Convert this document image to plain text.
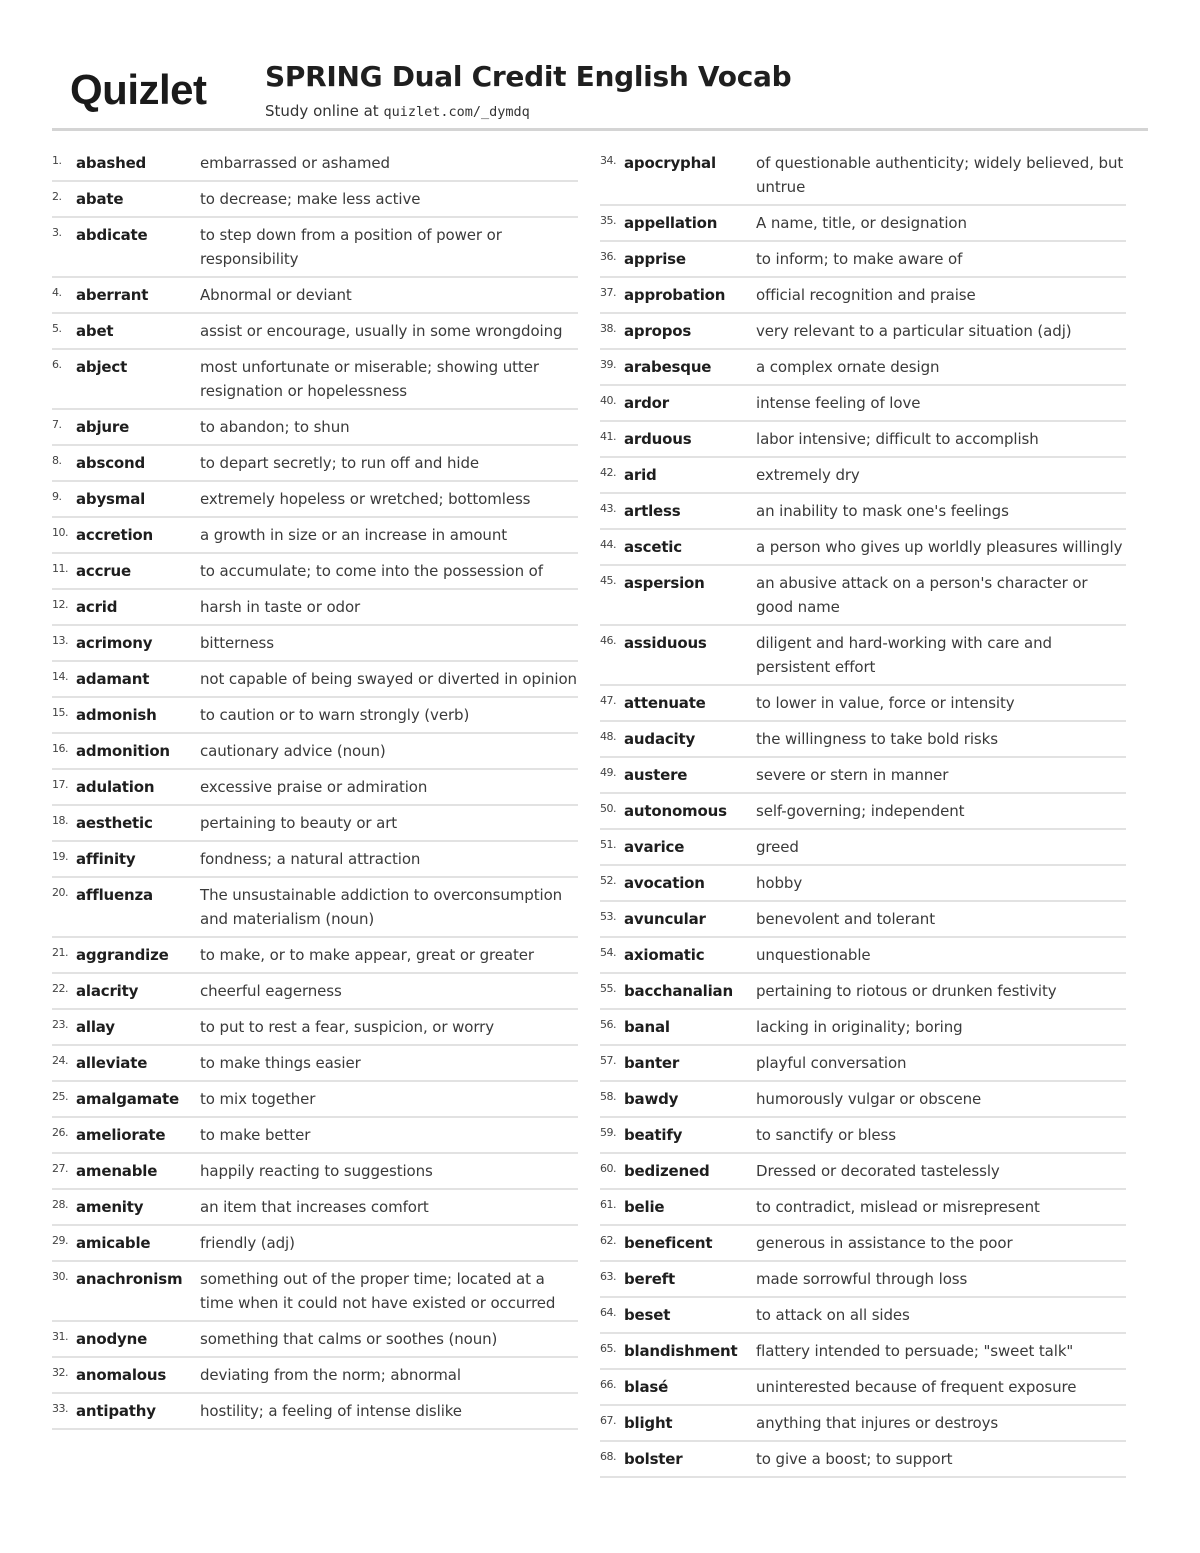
Quizlet SPRING Dual Credit English Vocab
Study online at quizlet.com/_dymdq
1. abashed	embarrassed or ashamed
2. abate	to decrease; make less active
3. abdicate	to step down from a position of power or responsibility
4. aberrant	Abnormal or deviant
5. abet	assist or encourage, usually in some wrongdoing
6. abject	most unfortunate or miserable; showing utter resignation or hopelessness
7. abjure	to abandon; to shun
8. abscond	to depart secretly; to run off and hide
9. abysmal	extremely hopeless or wretched; bottomless
10. accretion	a growth in size or an increase in amount
11. accrue	to accumulate; to come into the possession of
12. acrid	harsh in taste or odor
13. acrimony	bitterness
14. adamant	not capable of being swayed or diverted in opinion
15. admonish	to caution or to warn strongly (verb)
16. admonition	cautionary advice (noun)
17. adulation	excessive praise or admiration
18. aesthetic	pertaining to beauty or art
19. affinity	fondness; a natural attraction
20. affluenza	The unsustainable addiction to overconsumption and materialism (noun)
21. aggrandize	to make, or to make appear, great or greater
22. alacrity	cheerful eagerness
23. allay	to put to rest a fear, suspicion, or worry
24. alleviate	to make things easier
25. amalgamate	to mix together
26. ameliorate	to make better
27. amenable	happily reacting to suggestions
28. amenity	an item that increases comfort
29. amicable	friendly (adj)
30. anachronism	something out of the proper time; located at a time when it could not have existed or occurred
31. anodyne	something that calms or soothes (noun)
32. anomalous	deviating from the norm; abnormal
33. antipathy	hostility; a feeling of intense dislike
34. apocryphal	of questionable authenticity; widely believed, but untrue
35. appellation	A name, title, or designation
36. apprise	to inform; to make aware of
37. approbation	official recognition and praise
38. apropos	very relevant to a particular situation (adj)
39. arabesque	a complex ornate design
40. ardor	intense feeling of love
41. arduous	labor intensive; difficult to accomplish
42. arid	extremely dry
43. artless	an inability to mask one's feelings
44. ascetic	a person who gives up worldly pleasures willingly
45. aspersion	an abusive attack on a person's character or good name
46. assiduous	diligent and hard-working with care and persistent effort
47. attenuate	to lower in value, force or intensity
48. audacity	the willingness to take bold risks
49. austere	severe or stern in manner
50. autonomous	self-governing; independent
51. avarice	greed
52. avocation	hobby
53. avuncular	benevolent and tolerant
54. axiomatic	unquestionable
55. bacchanalian	pertaining to riotous or drunken festivity
56. banal	lacking in originality; boring
57. banter	playful conversation
58. bawdy	humorously vulgar or obscene
59. beatify	to sanctify or bless
60. bedizened	Dressed or decorated tastelessly
61. belie	to contradict, mislead or misrepresent
62. beneficent	generous in assistance to the poor
63. bereft	made sorrowful through loss
64. beset	to attack on all sides
65. blandishment	flattery intended to persuade; "sweet talk"
66. blasé	uninterested because of frequent exposure
67. blight	anything that injures or destroys
68. bolster	to give a boost; to support
